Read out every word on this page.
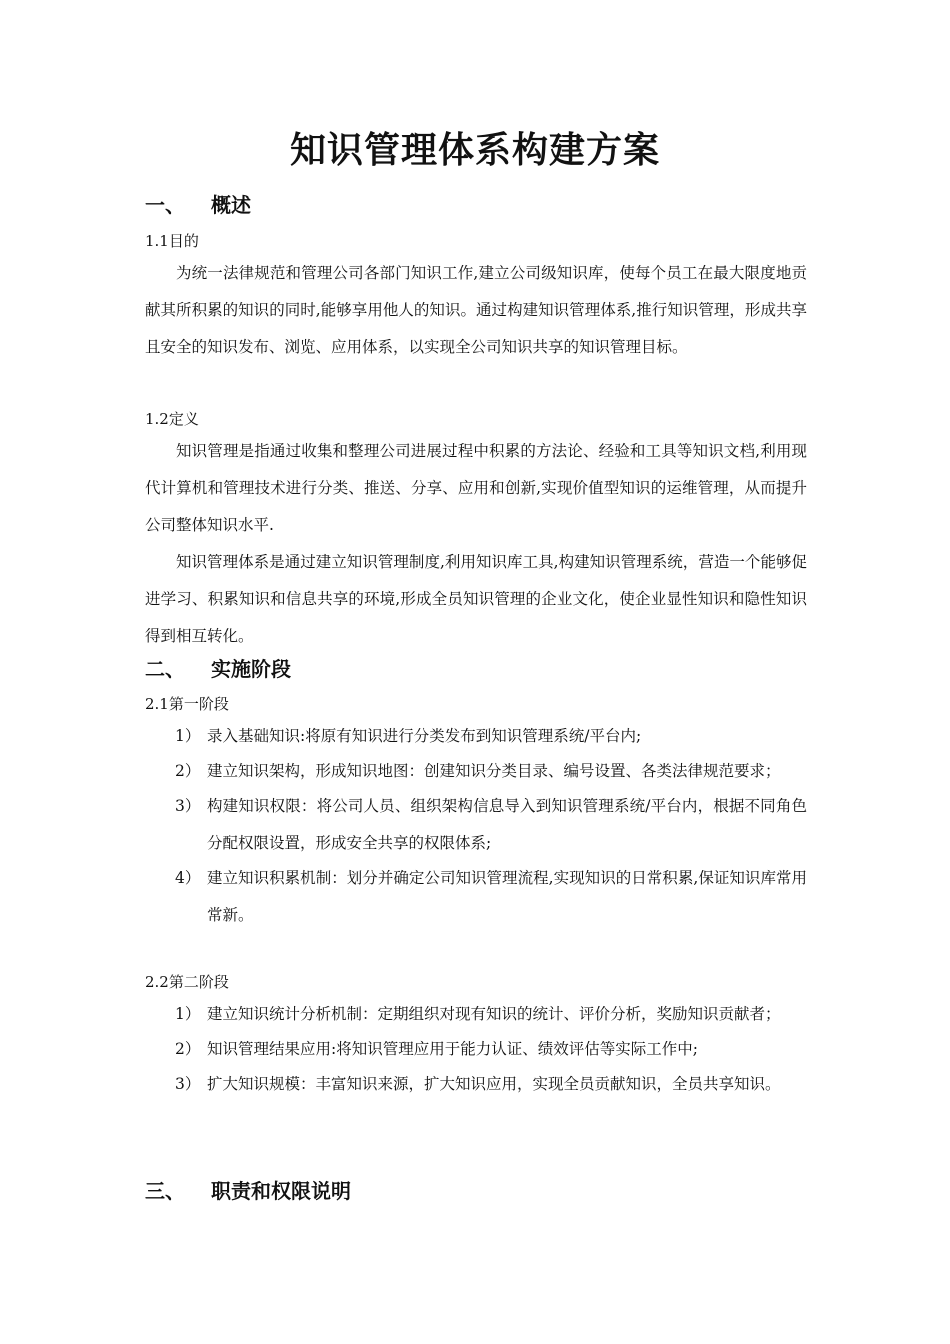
知识管理体系构建方案
一、 概述
1.1目的

为统一法律规范和管理公司各部门知识工作,建立公司级知识库，使每个员工在最大限度地贡献其所积累的知识的同时,能够享用他人的知识。通过构建知识管理体系,推行知识管理，形成共享且安全的知识发布、浏览、应用体系，以实现全公司知识共享的知识管理目标。

1.2定义

知识管理是指通过收集和整理公司进展过程中积累的方法论、经验和工具等知识文档,利用现代计算机和管理技术进行分类、推送、分享、应用和创新,实现价值型知识的运维管理，从而提升公司整体知识水平.

知识管理体系是通过建立知识管理制度,利用知识库工具,构建知识管理系统，营造一个能够促进学习、积累知识和信息共享的环境,形成全员知识管理的企业文化，使企业显性知识和隐性知识得到相互转化。

二、 实施阶段
2.1第一阶段
1） 录入基础知识:将原有知识进行分类发布到知识管理系统/平台内;
2） 建立知识架构，形成知识地图：创建知识分类目录、编号设置、各类法律规范要求；
3） 构建知识权限：将公司人员、组织架构信息导入到知识管理系统/平台内，根据不同角色分配权限设置，形成安全共享的权限体系;
4） 建立知识积累机制：划分并确定公司知识管理流程,实现知识的日常积累,保证知识库常用常新。
2.2第二阶段
1） 建立知识统计分析机制：定期组织对现有知识的统计、评价分析，奖励知识贡献者；
2） 知识管理结果应用:将知识管理应用于能力认证、绩效评估等实际工作中;
3） 扩大知识规模：丰富知识来源，扩大知识应用，实现全员贡献知识，全员共享知识。
三、 职责和权限说明
